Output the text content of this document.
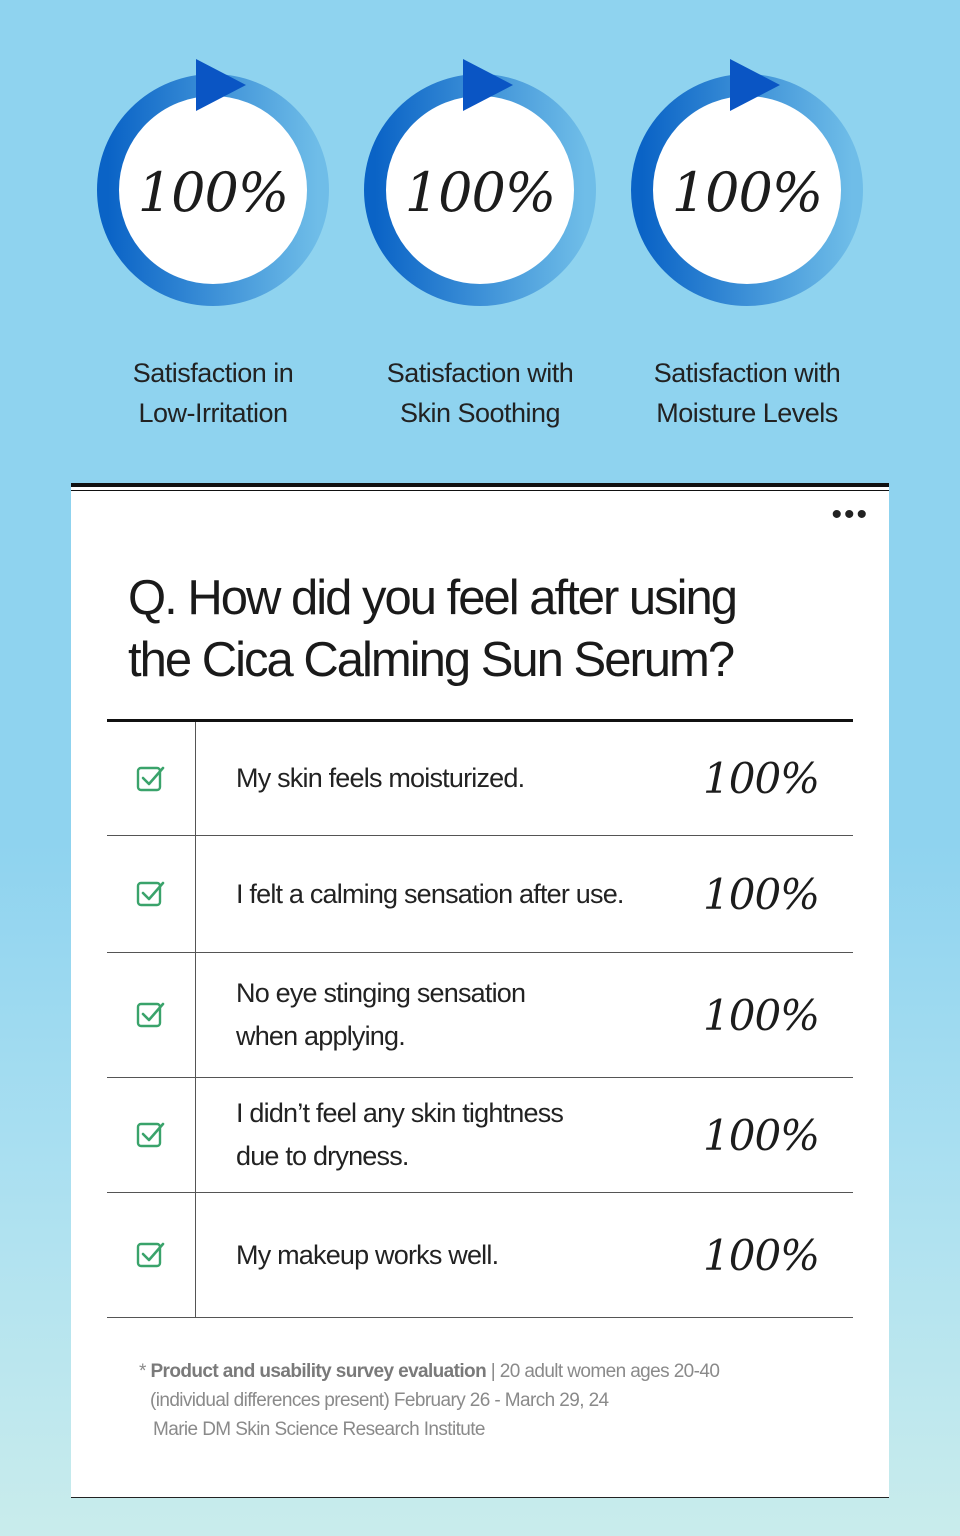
100%
Satisfaction in
Low-Irritation
100%
Satisfaction with
Skin Soothing
100%
Satisfaction with
Moisture Levels
•••
Q. How did you feel after using
the Cica Calming Sun Serum?
My skin feels moisturized.	100%
I felt a calming sensation after use.	100%
No eye stinging sensation
when applying.	100%
I didn’t feel any skin tightness
due to dryness.	100%
My makeup works well.	100%
* Product and usability survey evaluation | 20 adult women ages 20-40
(individual differences present) February 26 - March 29, 24
Marie DM Skin Science Research Institute
